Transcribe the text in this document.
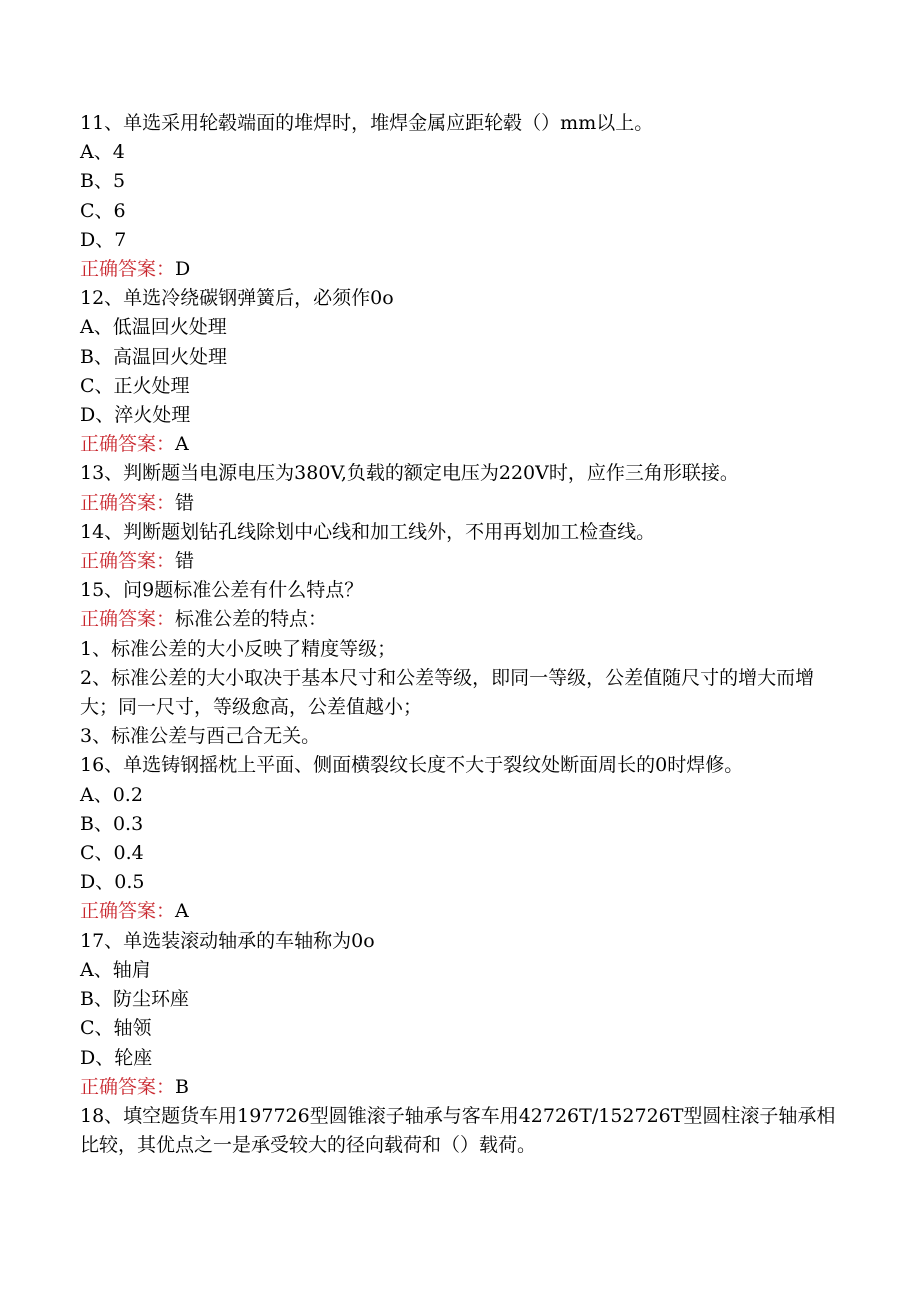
11、单选采用轮毂端面的堆焊时，堆焊金属应距轮毂（）mm以上。
A、4
B、5
C、6
D、7
正确答案：D
12、单选冷绕碳钢弹簧后，必须作0o
A、低温回火处理
B、高温回火处理
C、正火处理
D、淬火处理
正确答案：A
13、判断题当电源电压为380V,负载的额定电压为220V时，应作三角形联接。
正确答案：错
14、判断题划钻孔线除划中心线和加工线外，不用再划加工检查线。
正确答案：错
15、问9题标准公差有什么特点？
正确答案：标准公差的特点：
1、标准公差的大小反映了精度等级；
2、标准公差的大小取决于基本尺寸和公差等级，即同一等级，公差值随尺寸的增大而增大；同一尺寸，等级愈高，公差值越小；
3、标准公差与酉己合无关。
16、单选铸钢摇枕上平面、侧面横裂纹长度不大于裂纹处断面周长的0时焊修。
A、0.2
B、0.3
C、0.4
D、0.5
正确答案：A
17、单选装滚动轴承的车轴称为0o
A、轴肩
B、防尘环座
C、轴领
D、轮座
正确答案：B
18、填空题货车用197726型圆锥滚子轴承与客车用42726T/152726T型圆柱滚子轴承相比较，其优点之一是承受较大的径向载荷和（）载荷。
